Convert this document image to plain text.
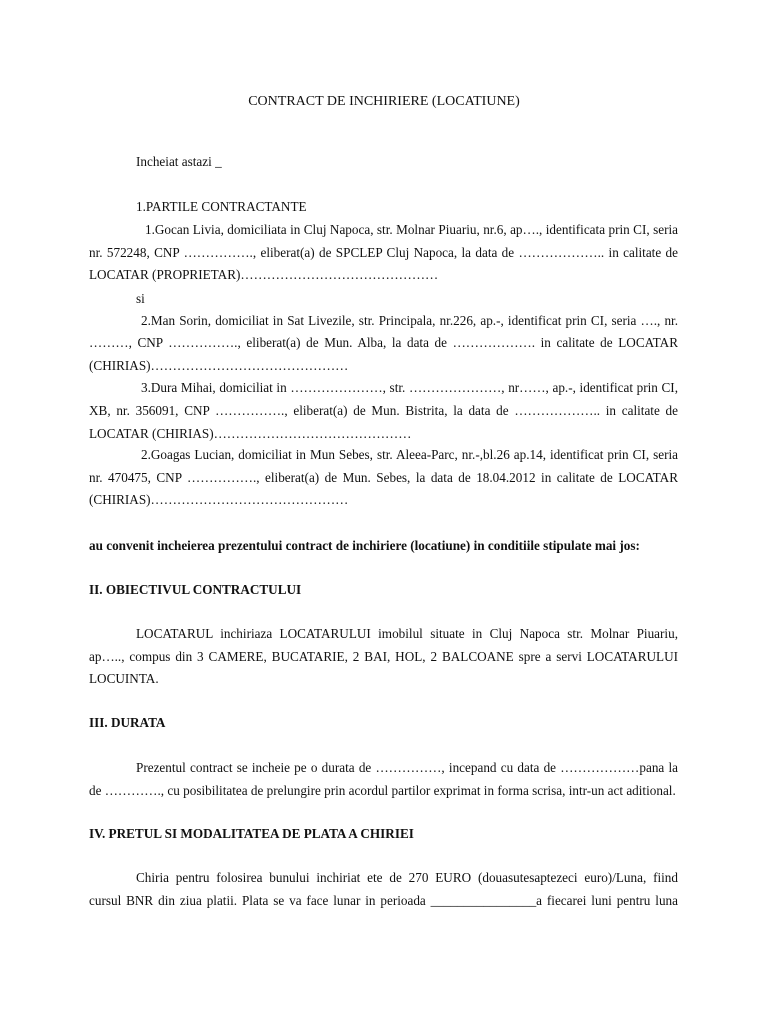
CONTRACT DE INCHIRIERE (LOCATIUNE)
Incheiat astazi _
1.PARTILE CONTRACTANTE
1.Gocan Livia, domiciliata in Cluj Napoca, str. Molnar Piuariu, nr.6, ap…., identificata prin CI, seria
nr. 572248, CNP ……………., eliberat(a) de SPCLEP Cluj Napoca, la data de ……………….. in calitate de
LOCATAR (PROPRIETAR)………………………………………
si
2.Man Sorin, domiciliat in Sat Livezile, str. Principala, nr.226, ap.-, identificat prin CI, seria …., nr.
………, CNP ……………., eliberat(a) de Mun. Alba, la data de ………………. in calitate de LOCATAR
(CHIRIAS)………………………………………
3.Dura Mihai, domiciliat in …………………, str. …………………, nr……, ap.-, identificat prin CI,
XB, nr. 356091, CNP ……………., eliberat(a) de Mun. Bistrita, la data de ……………….. in calitate de
LOCATAR (CHIRIAS)………………………………………
2.Goagas Lucian, domiciliat in Mun Sebes, str. Aleea-Parc, nr.-,bl.26 ap.14, identificat prin CI, seria
nr. 470475, CNP ……………., eliberat(a) de Mun. Sebes, la data de 18.04.2012 in calitate de LOCATAR
(CHIRIAS)………………………………………
au convenit incheierea prezentului contract de inchiriere (locatiune) in conditiile stipulate mai jos:
II. OBIECTIVUL CONTRACTULUI
LOCATARUL inchiriaza LOCATARULUI imobilul situate in Cluj Napoca str. Molnar Piuariu,
ap….., compus din 3 CAMERE, BUCATARIE, 2 BAI, HOL, 2 BALCOANE spre a servi LOCATARULUI
LOCUINTA.
III. DURATA
Prezentul contract se incheie pe o durata de ……………, incepand cu data de ………………pana la
de …………., cu posibilitatea de prelungire prin acordul partilor exprimat in forma scrisa, intr-un act aditional.
IV. PRETUL SI MODALITATEA DE PLATA A CHIRIEI
Chiria pentru folosirea bunului inchiriat ete de 270 EURO (douasutesaptezeci euro)/Luna, fiind
cursul BNR din ziua platii. Plata se va face lunar in perioada ________________a fiecarei luni pentru luna
